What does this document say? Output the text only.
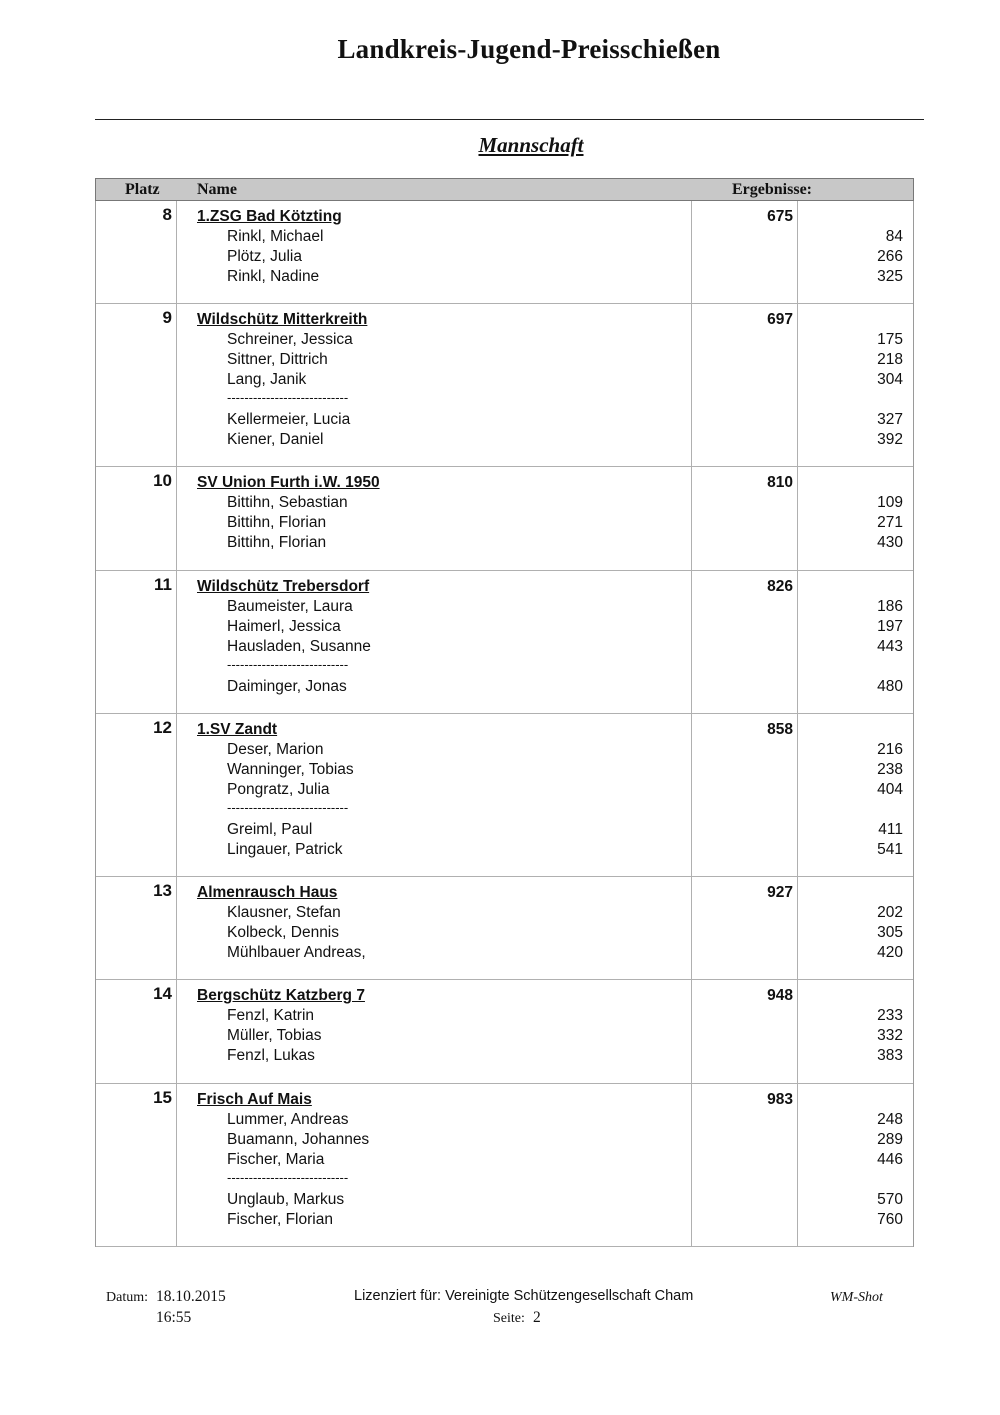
Landkreis-Jugend-Preisschießen
Mannschaft
Platz Name	Ergebnisse:
8 1.ZSG Bad Kötzting	675
Rinkl, Michael	84
Plötz, Julia	266
Rinkl, Nadine	325
9 Wildschütz Mitterkreith	697
Schreiner, Jessica	175
Sittner, Dittrich	218
Lang, Janik	304
----------------------------
Kellermeier, Lucia	327
Kiener, Daniel	392
10 SV Union Furth i.W. 1950	810
Bittihn, Sebastian	109
Bittihn, Florian	271
Bittihn, Florian	430
11 Wildschütz Trebersdorf	826
Baumeister, Laura	186
Haimerl, Jessica	197
Hausladen, Susanne	443
----------------------------
Daiminger, Jonas	480
12 1.SV Zandt	858
Deser, Marion	216
Wanninger, Tobias	238
Pongratz, Julia	404
----------------------------
Greiml, Paul	411
Lingauer, Patrick	541
13 Almenrausch Haus	927
Klausner, Stefan	202
Kolbeck, Dennis	305
Mühlbauer Andreas,	420
14 Bergschütz Katzberg 7	948
Fenzl, Katrin	233
Müller, Tobias	332
Fenzl, Lukas	383
15 Frisch Auf Mais	983
Lummer, Andreas	248
Buamann, Johannes	289
Fischer, Maria	446
----------------------------
Unglaub, Markus	570
Fischer, Florian	760
Datum: 18.10.2015
16:55
Lizenziert für: Vereinigte Schützengesellschaft Cham
Seite: 2
WM-Shot
